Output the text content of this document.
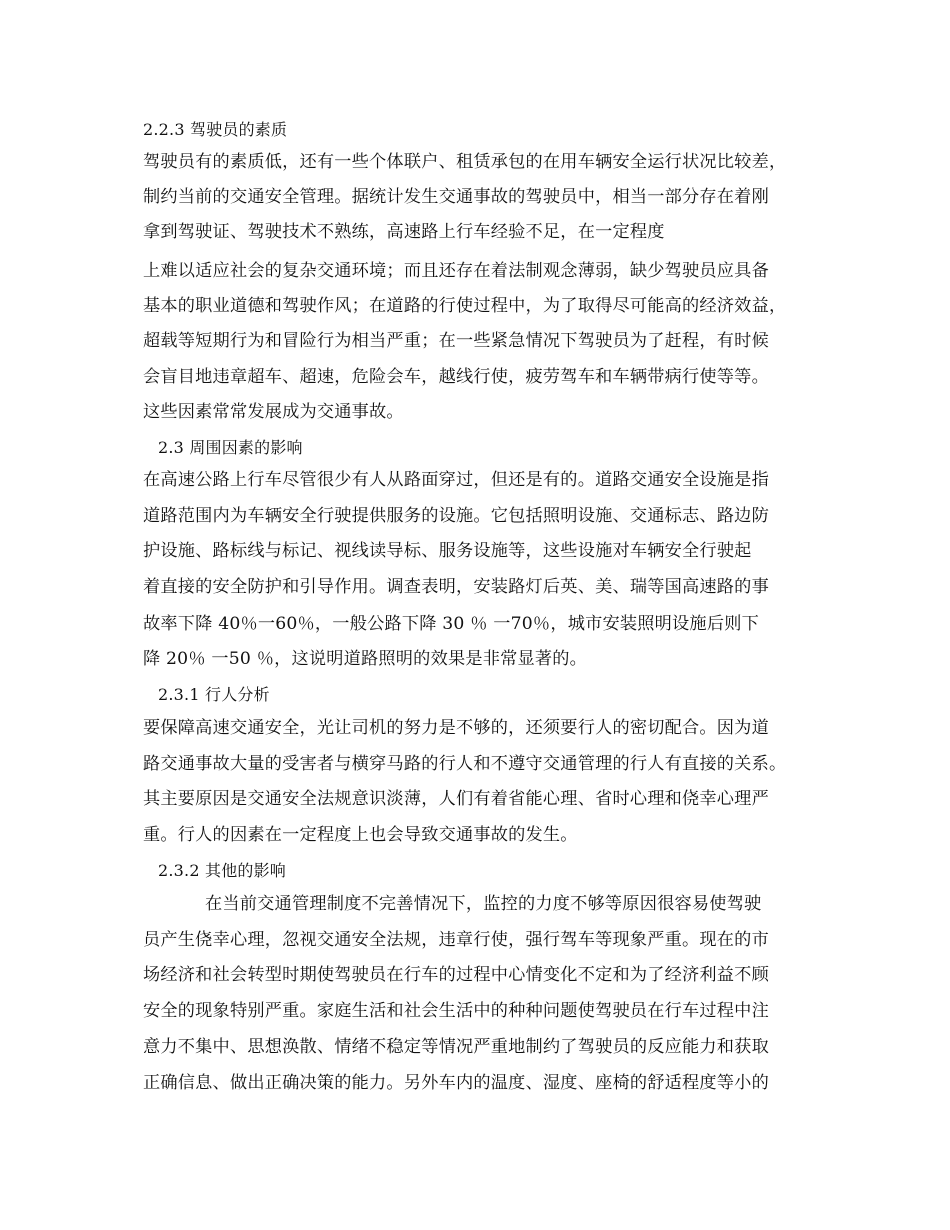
2.2.3 驾驶员的素质
驾驶员有的素质低，还有一些个体联户、租赁承包的在用车辆安全运行状况比较差，
制约当前的交通安全管理。据统计发生交通事故的驾驶员中，相当一部分存在着刚
拿到驾驶证、驾驶技术不熟练，高速路上行车经验不足，在一定程度
上难以适应社会的复杂交通环境；而且还存在着法制观念薄弱，缺少驾驶员应具备
基本的职业道德和驾驶作风；在道路的行使过程中，为了取得尽可能高的经济效益，
超载等短期行为和冒险行为相当严重；在一些紧急情况下驾驶员为了赶程，有时候
会盲目地违章超车、超速，危险会车，越线行使，疲劳驾车和车辆带病行使等等。
这些因素常常发展成为交通事故。
2.3 周围因素的影响
在高速公路上行车尽管很少有人从路面穿过，但还是有的。道路交通安全设施是指
道路范围内为车辆安全行驶提供服务的设施。它包括照明设施、交通标志、路边防
护设施、路标线与标记、视线读导标、服务设施等，这些设施对车辆安全行驶起
着直接的安全防护和引导作用。调查表明，安装路灯后英、美、瑞等国高速路的事
故率下降 40％一60％，一般公路下降 30 ％ 一70％，城市安装照明设施后则下
降 20％ 一50 ％，这说明道路照明的效果是非常显著的。
2.3.1 行人分析
要保障高速交通安全，光让司机的努力是不够的，还须要行人的密切配合。因为道
路交通事故大量的受害者与横穿马路的行人和不遵守交通管理的行人有直接的关系。
其主要原因是交通安全法规意识淡薄，人们有着省能心理、省时心理和侥幸心理严
重。行人的因素在一定程度上也会导致交通事故的发生。
2.3.2 其他的影响
在当前交通管理制度不完善情况下，监控的力度不够等原因很容易使驾驶
员产生侥幸心理，忽视交通安全法规，违章行使，强行驾车等现象严重。现在的市
场经济和社会转型时期使驾驶员在行车的过程中心情变化不定和为了经济利益不顾
安全的现象特别严重。家庭生活和社会生活中的种种问题使驾驶员在行车过程中注
意力不集中、思想涣散、情绪不稳定等情况严重地制约了驾驶员的反应能力和获取
正确信息、做出正确决策的能力。另外车内的温度、湿度、座椅的舒适程度等小的
